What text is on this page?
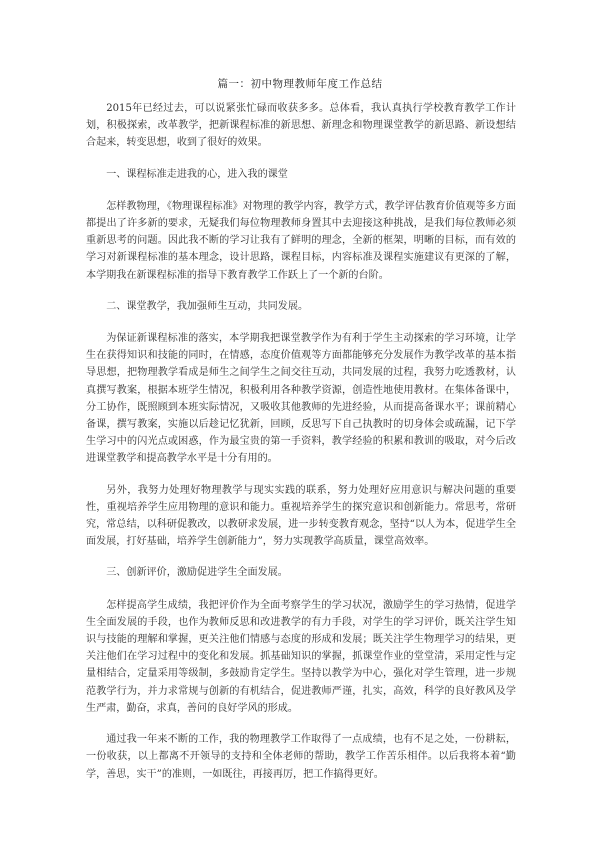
篇一：初中物理教师年度工作总结

2015年已经过去，可以说紧张忙碌而收获多多。总体看，我认真执行学校教育教学工作计划，积极探索，改革教学，把新课程标准的新思想、新理念和物理课堂教学的新思路、新设想结合起来，转变思想，收到了很好的效果。

一、课程标准走进我的心，进入我的课堂

怎样教物理，《物理课程标准》对物理的教学内容，教学方式，教学评估教育价值观等多方面都提出了许多新的要求，无疑我们每位物理教师身置其中去迎接这种挑战，是我们每位教师必须重新思考的问题。因此我不断的学习让我有了鲜明的理念，全新的框架，明晰的目标，而有效的学习对新课程标准的基本理念，设计思路，课程目标，内容标准及课程实施建议有更深的了解，本学期我在新课程标准的指导下教育教学工作跃上了一个新的台阶。

二、课堂教学，我加强师生互动，共同发展。

为保证新课程标准的落实，本学期我把课堂教学作为有利于学生主动探索的学习环境，让学生在获得知识和技能的同时，在情感，态度价值观等方面都能够充分发展作为教学改革的基本指导思想，把物理教学看成是师生之间学生之间交往互动，共同发展的过程，我努力吃透教材，认真撰写教案，根据本班学生情况，积极利用各种教学资源，创造性地使用教材。在集体备课中，分工协作，既照顾到本班实际情况，又吸收其他教师的先进经验，从而提高备课水平；课前精心备课，撰写教案，实施以后趁记忆犹新，回顾，反思写下自己执教时的切身体会或疏漏，记下学生学习中的闪光点或困惑，作为最宝贵的第一手资料，教学经验的积累和教训的吸取，对今后改进课堂教学和提高教学水平是十分有用的。

另外，我努力处理好物理教学与现实实践的联系，努力处理好应用意识与解决问题的重要性，重视培养学生应用物理的意识和能力。重视培养学生的探究意识和创新能力。常思考，常研究，常总结，以科研促教改，以教研求发展，进一步转变教育观念，坚持“以人为本，促进学生全面发展，打好基础，培养学生创新能力”，努力实现教学高质量，课堂高效率。

三、创新评价，激励促进学生全面发展。

怎样提高学生成绩，我把评价作为全面考察学生的学习状况，激励学生的学习热情，促进学生全面发展的手段，也作为教师反思和改进教学的有力手段，对学生的学习评价，既关注学生知识与技能的理解和掌握，更关注他们情感与态度的形成和发展；既关注学生物理学习的结果，更关注他们在学习过程中的变化和发展。抓基础知识的掌握，抓课堂作业的堂堂清，采用定性与定量相结合，定量采用等级制，多鼓励肯定学生。坚持以教学为中心，强化对学生管理，进一步规范教学行为，并力求常规与创新的有机结合，促进教师严谨，扎实，高效，科学的良好教风及学生严肃，勤奋，求真，善问的良好学风的形成。

通过我一年来不断的工作，我的物理教学工作取得了一点成绩，也有不足之处，一份耕耘，一份收获，以上都离不开领导的支持和全体老师的帮助，教学工作苦乐相伴。以后我将本着“勤学，善思，实干”的准则，一如既往，再接再厉，把工作搞得更好。
